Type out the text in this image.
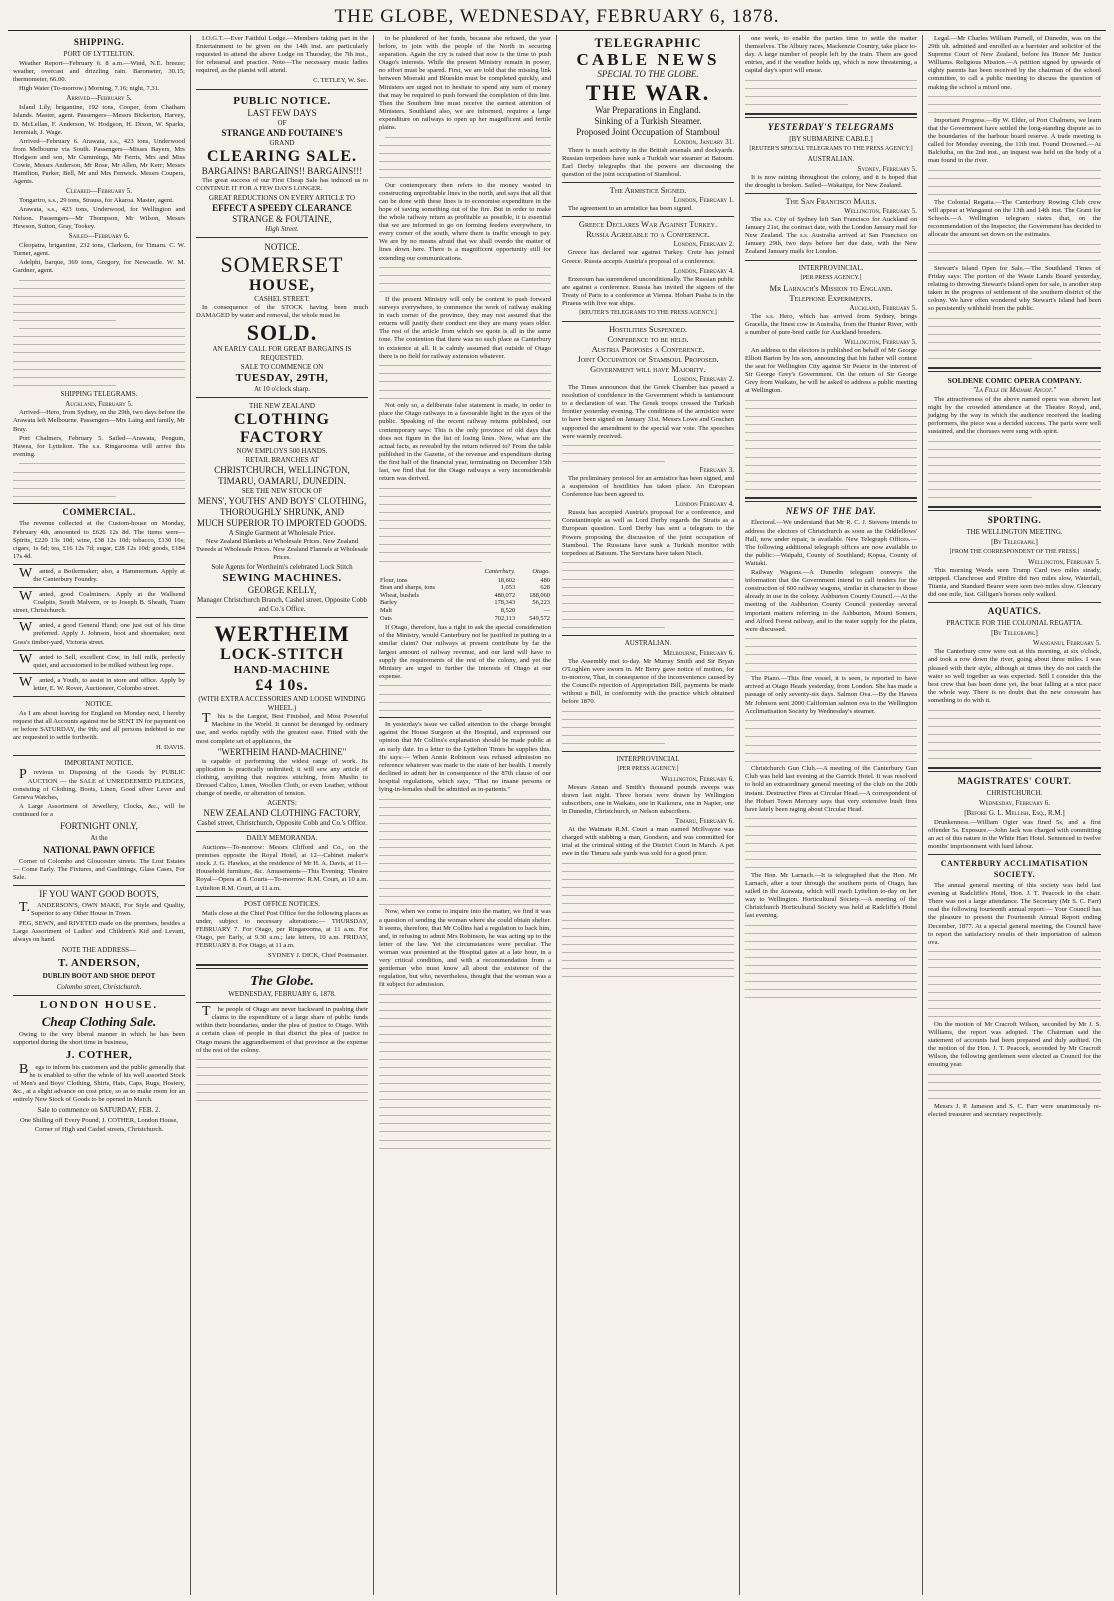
THE GLOBE, WEDNESDAY, FEBRUARY 6, 1878.
SHIPPING.
PORT OF LYTTELTON.
Weather Report—February 6. 8 a.m.—Wind, N.E. breeze; weather, overcast and drizzling rain. Barometer, 30.15; thermometer, 66.00.
High Water (To-morrow.) Morning, 7.16; night, 7.31.
Arrived—February 5.
Island Lily, brigantine, 192 tons, Cooper, from Chatham Islands. Master, agent. Passengers—Messrs Bickerton, Harvey, D. McLellan, F. Anderson, W. Hodgson, H. Dixon, W. Sparks, Jeremiah, J. Wage.
Arrived—February 6. Arawata, s.s., 423 tons, Underwood from Melbourne via South. Passengers—Misses Bayers, Mrs Hodgson and son, Mr Cummings, Mr Ferris, Mrs and Miss Cowie, Messrs Anderson, Mr Rose, Mr Allen, Mr Kerr; Messrs Hamilton, Parker, Bell, Mr and Mrs Fenwick. Messrs Coupers, Agents.
Cleared—February 5.
Tongariro, s.s., 29 tons, Strauss, for Akaroa. Master, agent.
Arawata, s.s., 423 tons, Underwood, for Wellington and Nelson. Passengers—Mr Thompson, Mr Wilson, Messrs Hewson, Sutton, Gray, Tookey.
Sailed—February 6.
Cleopatra, brigantine, 232 tons, Clarkson, for Timaru. C. W. Turner, agent.
Adelphi, barque, 369 tons, Gregory, for Newcastle. W. M. Gardner, agent.
SHIPPING TELEGRAMS.
Auckland, February 5.
Arrived—Hero, from Sydney, on the 29th, two days before the Arawata left Melbourne. Passengers—Mrs Laing and family, Mr Bray.
Port Chalmers, February 5. Sailed—Arawata, Penguin, Hawea, for Lyttelton. The s.s. Ringarooma will arrive this evening.
COMMERCIAL.
The revenue collected at the Custom-house on Monday, February 4th, amounted to £626 12s 8d. The items were—Spirits, £220 13s 10d; wine, £38 12s 10d; tobacco, £130 16s; cigars, 1s 6d; tea, £16 12s 7d; sugar, £28 12s 10d; goods, £184 17s 4d.
Wanted, a Boilermaker; also, a Hammerman. Apply at the Canterbury Foundry.
Wanted, good Coalminers. Apply at the Wallsend Coalpits, South Malvern, or to Joseph B. Sheath, Tuam street, Christchurch.
Wanted, a good General Hand; one just out of his time preferred. Apply J. Johnson, boot and shoemaker, next Goss's timber-yard, Victoria street.
Wanted to Sell, excellent Cow, in full milk, perfectly quiet, and accustomed to be milked without leg rope.
Wanted, a Youth, to assist in store and office. Apply by letter, E. W. Rover, Auctioneer, Colombo street.
NOTICE.
As I am about leaving for England on Monday next, I hereby request that all Accounts against me be SENT IN for payment on or before SATURDAY, the 9th; and all persons indebted to me are requested to settle forthwith.
H. DAVIS.
IMPORTANT NOTICE.
Previous to Disposing of the Goods by PUBLIC AUCTION — the SALE of UNREDEEMED PLEDGES, consisting of Clothing, Boots, Linen, Good silver Lever and Geneva Watches,
A Large Assortment of Jewellery, Clocks, &c., will be continued for a
FORTNIGHT ONLY,
At the
NATIONAL PAWN OFFICE
Corner of Colombo and Gloucester streets. The Lost Estates — Come Early. The Fixtures, and Gasfittings, Glass Cases, For Sale.
IF YOU WANT GOOD BOOTS,
T.ANDERSON'S, OWN MAKE, For Style and Quality, Superior to any Other House in Town.
PEG, SEWN, and RIVETED made on the premises, besides a Large Assortment of Ladies' and Children's Kid and Levant, always on hand.
NOTE THE ADDRESS—
T. ANDERSON,
DUBLIN BOOT AND SHOE DEPOT
Colombo street, Christchurch.
LONDON HOUSE.
Cheap Clothing Sale.
Owing to the very liberal manner in which he has been supported during the short time in business,
J. COTHER,
Begs to inform his customers and the public generally that he is enabled to offer the whole of his well assorted Stock of Men's and Boys' Clothing, Shirts, Hats, Caps, Rugs, Hosiery, &c., at a slight advance on cost price, so as to make room for an entirely New Stock of Goods to be opened in March.
Sale to commence on SATURDAY, FEB. 2.
One Shilling off Every Pound, J. COTHER, London House, Corner of High and Cashel streets, Christchurch.
I.O.G.T.—Ever Faithful Lodge.—Members taking part in the Entertainment to be given on the 14th inst. are particularly requested to attend the above Lodge on Thursday, the 7th inst., for rehearsal and practice. Note—The necessary music ladies required, as the pianist will attend.
C. TETLEY, W. Sec.
PUBLIC NOTICE.
LAST FEW DAYS
OF
STRANGE AND FOUTAINE'S
GRAND
CLEARING SALE.
BARGAINS! BARGAINS!! BARGAINS!!!
The great success of our First Cheap Sale has induced us to CONTINUE IT FOR A FEW DAYS LONGER.
GREAT REDUCTIONS ON EVERY ARTICLE TO
EFFECT A SPEEDY CLEARANCE
STRANGE & FOUTAINE,
High Street.
NOTICE.
SOMERSET
HOUSE,
CASHEL STREET.
In consequence of the STOCK having been much DAMAGED by water and removal, the whole must be
SOLD.
AN EARLY CALL FOR GREAT BARGAINS IS REQUESTED.
SALE TO COMMENCE ON
TUESDAY, 29TH,
At 10 o'clock sharp.
THE NEW ZEALAND
CLOTHING FACTORY
NOW EMPLOYS 500 HANDS.
RETAIL BRANCHES AT
CHRISTCHURCH, WELLINGTON, TIMARU, OAMARU, DUNEDIN.
SEE THE NEW STOCK OF
MENS', YOUTHS' AND BOYS' CLOTHING, THOROUGHLY SHRUNK, AND
MUCH SUPERIOR TO IMPORTED GOODS.
A Single Garment at Wholesale Price.
New Zealand Blankets at Wholesale Prices. New Zealand Tweeds at Wholesale Prices. New Zealand Flannels at Wholesale Prices.
Sole Agents for Wertheim's celebrated Lock Stitch
SEWING MACHINES.
GEORGE KELLY,
Manager Christchurch Branch, Cashel street, Opposite Cobb and Co.'s Office.
WERTHEIM
LOCK-STITCH
HAND-MACHINE
£4 10s.
(WITH EXTRA ACCESSORIES AND LOOSE WINDING WHEEL.)
This is the Largest, Best Finished, and Most Powerful Machine in the World. It cannot be deranged by ordinary use, and works rapidly with the greatest ease. Fitted with the most complete set of appliances, the
"WERTHEIM HAND-MACHINE"
is capable of performing the widest range of work. Its application is practically unlimited; it will sew any article of clothing, anything that requires stitching, from Muslin to Dressed Calico, Linen, Woollen Cloth, or even Leather, without change of needle, or alteration of tension.
AGENTS:
NEW ZEALAND CLOTHING FACTORY,
Cashel street, Christchurch, Opposite Cobb and Co.'s Office.
DAILY MEMORANDA.
Auctions—To-morrow: Messrs Clifford and Co., on the premises opposite the Royal Hotel, at 12—Cabinet maker's stock. J. G. Hawkes, at the residence of Mr H. A. Davis, at 11—Household furniture, &c. Amusements—This Evening: Theatre Royal—Opera at 8. Courts—To-morrow: R.M. Court, at 10 a.m. Lyttelton R.M. Court, at 11 a.m.
POST OFFICE NOTICES.
Mails close at the Chief Post Office for the following places as under, subject to necessary alterations:— THURSDAY, FEBRUARY 7. For Otago, per Ringarooma, at 11 a.m. For Otago, per Early, at 9.30 a.m.; late letters, 10 a.m. FRIDAY, FEBRUARY 8. For Otago, at 11 a.m.
SYDNEY J. DICK, Chief Postmaster.
The Globe.
WEDNESDAY, FEBRUARY 6, 1878.
The people of Otago are never backward in pushing their claims to the expenditure of a large share of public funds within their boundaries, under the plea of justice to Otago. With a certain class of people in that district the plea of justice to Otago means the aggrandisement of that province at the expense of the rest of the colony.
to be plundered of her funds, because she refused, the year before, to join with the people of the North in securing separation. Again the cry is raised that now is the time to push Otago's interests. While the present Ministry remain in power, no effort must be spared. First, we are told that the missing link between Moeraki and Blueskin must be completed quickly, and Ministers are urged not to hesitate to spend any sum of money that may be required to push forward the completion of this line. Then the Southern line must receive the earnest attention of Ministers. Southland also, we are informed, requires a large expenditure on railways to open up her magnificent and fertile plains.
Our contemporary then refers to the money wasted in constructing unprofitable lines in the north, and says that all that can be done with these lines is to economise expenditure in the hope of saving something out of the fire. But in order to make the whole railway return as profitable as possible, it is essential that we are informed to go on forming feeders everywhere, in every corner of the south, where there is traffic enough to pay. We are by no means afraid that we shall overdo the matter of lines down here. There is a magnificent opportunity still for extending our communications.
If the present Ministry will only be content to push forward surveys everywhere, to commence the work of railway making in each corner of the province, they may rest assured that the returns will justify their conduct ere they are many years older. The rest of the article from which we quote is all in the same tone. The contention that there was no such place as Canterbury in existence at all. It is calmly assumed that outside of Otago there is no field for railway extension whatever.
Not only so, a deliberate false statement is made, in order to place the Otago railways in a favourable light in the eyes of the public. Speaking of the recent railway returns published, our contemporary says: This is the only province of old days that does not figure in the list of losing lines. Now, what are the actual facts, as revealed by the return referred to? From the table published in the Gazette, of the revenue and expenditure during the first half of the financial year, terminating on December 15th last, we find that for the Otago railways a very inconsiderable return was derived.
	Canterbury.	Otago.
Flour, tons	18,602	480
Bran and sharps, tons	1,053	628
Wheat, bushels	480,072	188,060
Barley	178,343	56,223
Malt	8,520	—
Oats	702,113	549,572
If Otago, therefore, has a right to ask the special consideration of the Ministry, would Canterbury not be justified in putting in a similar claim? Our railways at present contribute by far the largest amount of railway revenue, and our land will have to supply the requirements of the rest of the colony, and yet the Ministry are urged to further the interests of Otago at our expense.
In yesterday's issue we called attention to the charge brought against the House Surgeon at the Hospital, and expressed our opinion that Mr Collins's explanation should be made public at an early date. In a letter to the Lyttelton Times he supplies this. He says:— When Annie Robinson was refused admission no reference whatever was made to the state of her health. I merely declined to admit her in consequence of the 87th clause of our hospital regulations, which says, "That no insane persons or lying-in-females shall be admitted as in-patients."
Now, when we come to inquire into the matter, we find it was a question of sending the woman where she could obtain shelter. It seems, therefore, that Mr Collins had a regulation to back him, and, in refusing to admit Mrs Robinson, he was acting up to the letter of the law. Yet the circumstances were peculiar. The woman was presented at the Hospital gates at a late hour, in a very critical condition, and with a recommendation from a gentleman who must know all about the existence of the regulation, but who, nevertheless, thought that the woman was a fit subject for admission.
TELEGRAPHIC
CABLE NEWS
SPECIAL TO THE GLOBE.
THE WAR.
War Preparations in England.
Sinking of a Turkish Steamer.
Proposed Joint Occupation of Stamboul
London, January 31.
There is much activity in the British arsenals and dockyards. Russian torpedoes have sunk a Turkish war steamer at Batoum. Earl Derby telegraphs that the powers are discussing the question of the joint occupation of Stamboul.
The Armistice Signed.
London, February 1.
The agreement to an armistice has been signed.
Greece Declares War Against Turkey.
Russia Agreeable to a Conference.
London, February 2.
Greece has declared war against Turkey. Crete has joined Greece. Russia accepts Austria's proposal of a conference.
London, February 4.
Erzeroum has surrendered unconditionally. The Russian public are against a conference. Russia has invited the signers of the Treaty of Paris to a conference at Vienna. Hobart Pasha is in the Piraeus with five war ships.
[REUTER'S TELEGRAMS TO THE PRESS AGENCY.]
Hostilities Suspended.
Conference to be held.
Austria Proposes a Conference.
Joint Occupation of Stamboul Proposed.
Government will have Majority.
London, February 2.
The Times announces that the Greek Chamber has passed a resolution of confidence in the Government which is tantamount to a declaration of war. The Greek troops crossed the Turkish frontier yesterday evening. The conditions of the armistice were to have been signed on January 31st. Messrs Lowe and Goschen supported the amendment to the special war vote. The speeches were warmly received.
February 3.
The preliminary protocol for an armistice has been signed, and a suspension of hostilities has taken place. An European Conference has been agreed to.
London February 4.
Russia has accepted Austria's proposal for a conference, and Constantinople as well as Lord Derby regards the Straits as a European question. Lord Derby has sent a telegram to the Powers proposing the discussion of the joint occupation of Stamboul. The Russians have sunk a Turkish monitor with torpedoes at Batoum. The Servians have taken Nisch.
AUSTRALIAN.
Melbourne, February 6.
The Assembly met to-day. Mr Murray Smith and Sir Bryan O'Loghlen were sworn in. Mr Berry gave notice of motion, for to-morrow, That, in consequence of the inconvenience caused by the Council's rejection of Appropriation Bill, payments be made without a Bill, in conformity with the practice which obtained before 1870.
INTERPROVINCIAL
[PER PRESS AGENCY.]
Wellington, February 6.
Messrs Annan and Smith's thousand pounds sweeps was drawn last night. Three horses were drawn by Wellington subscribers, one in Waikato, one in Kaikoura, one in Napier, one in Dunedin, Christchurch, or Nelson subscribers.
Timaru, February 6.
At the Waimate R.M. Court a man named McIlvayne was charged with stabbing a man, Goodson, and was committed for trial at the criminal sitting of the District Court in March. A pet ewe in the Timaru sale yards was sold for a good price.
one week, to enable the parties time to settle the matter themselves. The Albury races, Mackenzie Country, take place to-day. A large number of people left by the train. There are good entries, and if the weather holds up, which is now threatening, a capital day's sport will ensue.
YESTERDAY'S TELEGRAMS
[BY SUBMARINE CABLE.]
[REUTER'S SPECIAL TELEGRAMS TO THE PRESS AGENCY.]
AUSTRALIAN.
Sydney, February 5.
It is now raining throughout the colony, and it is hoped that the drought is broken. Sailed—Wakatipu, for New Zealand.
The San Francisco Mails.
Wellington, February 5.
The s.s. City of Sydney left San Francisco for Auckland on January 21st, the contract date, with the London January mail for New Zealand. The s.s. Australia arrived at San Francisco on January 29th, two days before her due date, with the New Zealand January mails for London.
INTERPROVINCIAL.
[PER PRESS AGENCY.]
Mr Larnach's Mission to England.
Telephone Experiments.
Auckland, February 5.
The s.s. Hero, which has arrived from Sydney, brings Gracella, the finest cow in Australia, from the Hunter River, with a number of pure-bred cattle for Auckland breeders.
Wellington, February 5.
An address to the electors is published on behalf of Mr George Elliott Barton by his son, announcing that his father will contest the seat for Wellington City against Sir Pearce in the interest of Sir George Grey's Government. On the return of Sir George Grey from Waikato, he will be asked to address a public meeting at Wellington.
NEWS OF THE DAY.
Electoral.—We understand that Mr R. C. J. Stevens intends to address the electors of Christchurch as soon as the Oddfellows' Hall, now under repair, is available. New Telegraph Offices.—The following additional telegraph offices are now available to the public:—Waipahi, County of Southland; Kopua, County of Waitaki.
Railway Wagons.—A Dunedin telegram conveys the information that the Government intend to call tenders for the construction of 600 railway wagons, similar in character to those already in use in the colony. Ashburton County Council.—At the meeting of the Ashburton County Council yesterday several important matters referring to the Ashburton, Mount Somers, and Alford Forest railway, and to the water supply for the plains, were discussed.
The Piano.—This fine vessel, it is seen, is reported to have arrived at Otago Heads yesterday, from London. She has made a passage of only seventy-six days. Salmon Ova.—By the Hawea Mr Johnson sent 2000 Californian salmon ova to the Wellington Acclimatisation Society by Wednesday's steamer.
Christchurch Gun Club.—A meeting of the Canterbury Gun Club was held last evening at the Garrick Hotel. It was resolved to hold an extraordinary general meeting of the club on the 20th instant. Destructive Fires at Circular Head.—A correspondent of the Hobart Town Mercury says that very extensive bush fires have lately been raging about Circular Head.
The Hon. Mr Larnach.—It is telegraphed that the Hon. Mr Larnach, after a tour through the southern ports of Otago, has sailed in the Arawata, which will reach Lyttelton to-day on her way to Wellington. Horticultural Society.—A meeting of the Christchurch Horticultural Society was held at Radcliffe's Hotel last evening.
Legal.—Mr Charles William Purnell, of Dunedin, was on the 29th ult. admitted and enrolled as a barrister and solicitor of the Supreme Court of New Zealand, before his Honor Mr Justice Williams. Religious Mission.—A petition signed by upwards of eighty parents has been received by the chairman of the school committee, to call a public meeting to discuss the question of making the school a mixed one.
Important Progress.—By W. Elder, of Port Chalmers, we learn that the Government have settled the long-standing dispute as to the boundaries of the harbour board reserve. A trade meeting is called for Monday evening, the 11th inst. Found Drowned.—At Balclutha, on the 2nd inst., an inquest was held on the body of a man found in the river.
The Colonial Regatta.—The Canterbury Rowing Club crew will appear at Wanganui on the 13th and 14th inst. The Grant for Schools.—A Wellington telegram states that, on the recommendation of the Inspector, the Government has decided to allocate the amount set down on the estimates.
Stewart's Island Open for Sale.—The Southland Times of Friday says: The portion of the Waste Lands Board yesterday, relating to throwing Stewart's Island open for sale, is another step taken in the progress of settlement of the southern district of the colony. We have often wondered why Stewart's Island had been so persistently withheld from the public.
SOLDENE COMIC OPERA COMPANY.
"La Fille de Madame Angot."
The attractiveness of the above named opera was shown last night by the crowded attendance at the Theatre Royal, and, judging by the way in which the audience received the leading performers, the piece was a decided success. The parts were well sustained, and the choruses were sung with spirit.
SPORTING.
THE WELLINGTON MEETING.
[By Telegraph.]
[FROM THE CORRESPONDENT OF THE PRESS.]
Wellington, February 5.
This morning Weeds seen Trump Card two miles steady, stripped. Clanchrose and Pinfire did two miles slow, Waterfall, Titania, and Standard Bearer were seen two miles slow. Glencary did one mile, fast. Gilligan's horses only walked.
AQUATICS.
PRACTICE FOR THE COLONIAL REGATTA.
[By Telegraph.]
Wanganui, February 5.
The Canterbury crew were out at this morning, at six o'clock, and took a row down the river, going about three miles. I was pleased with their style, although at times they do not catch the water so well together as was expected. Still I consider this the best crew that has been done yet, the boat falling at a nice pace the whole way. There is no doubt that the new coxswain has something to do with it.
MAGISTRATES' COURT.
CHRISTCHURCH.
Wednesday, February 6.
[Before G. L. Mellish, Esq., R.M.]
Drunkenness.—William Ogier was fined 5s, and a first offender 5s. Exposure.—John Jack was charged with committing an act of this nature in the White Hart Hotel. Sentenced to twelve months' imprisonment with hard labour.
CANTERBURY ACCLIMATISATION SOCIETY.
The annual general meeting of this society was held last evening at Radcliffe's Hotel, Hon. J. T. Peacock in the chair. There was not a large attendance. The Secretary (Mr S. C. Farr) read the following fourteenth annual report:— Your Council has the pleasure to present the Fourteenth Annual Report ending December, 1877. At a special general meeting, the Council have to report the satisfactory results of their importation of salmon ova.
On the motion of Mr Cracroft Wilson, seconded by Mr J. S. Williams, the report was adopted. The Chairman said the statement of accounts had been prepared and duly audited. On the motion of the Hon. J. T. Peacock, seconded by Mr Cracroft Wilson, the following gentlemen were elected as Council for the ensuing year.
Messrs J. P. Jameson and S. C. Farr were unanimously re-elected treasurer and secretary respectively.
